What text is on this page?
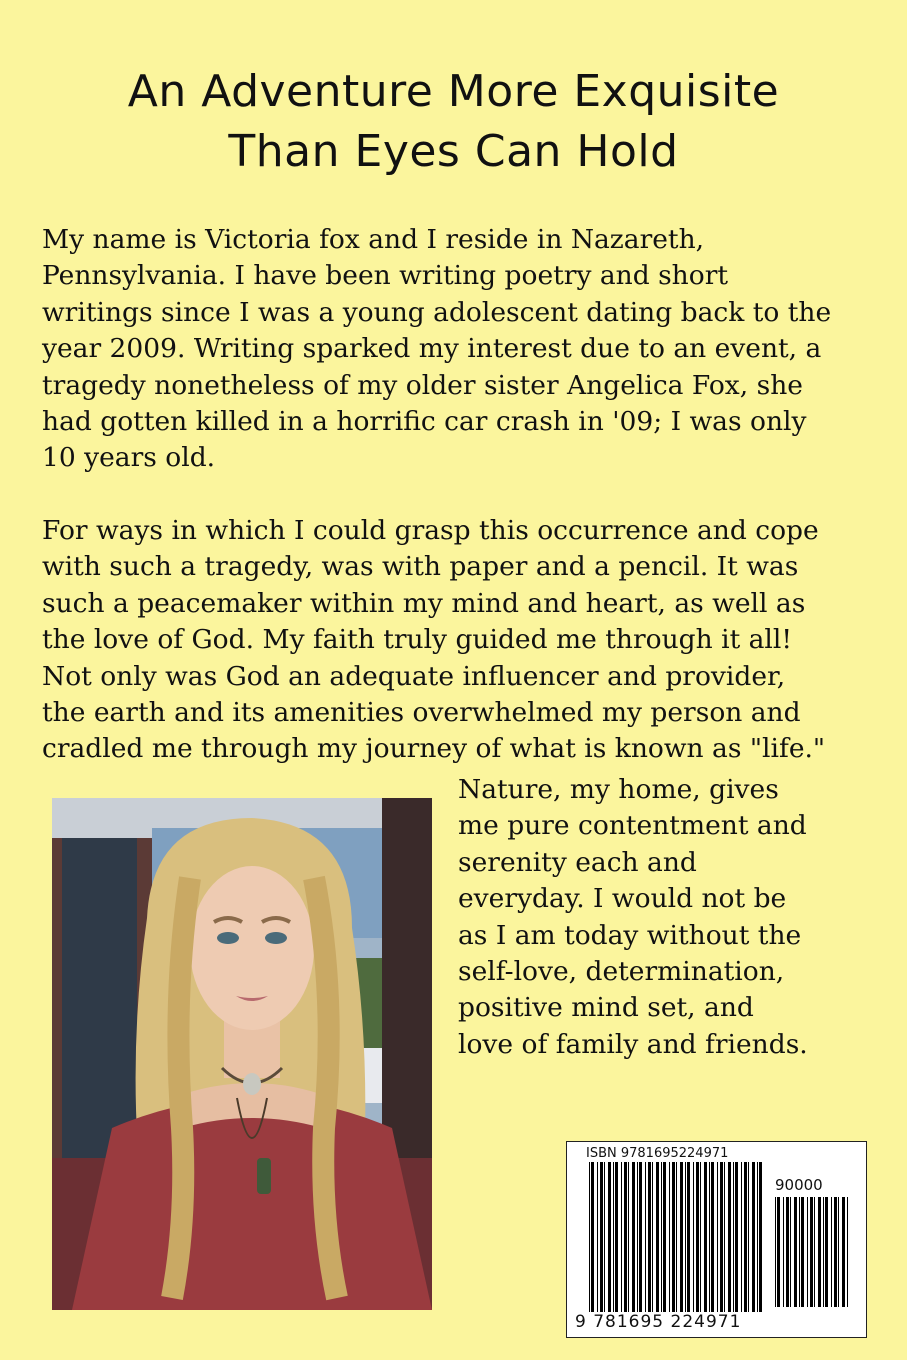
An Adventure More Exquisite
Than Eyes Can Hold

My name is Victoria fox and I reside in Nazareth,
Pennsylvania. I have been writing poetry and short
writings since I was a young adolescent dating back to the
year 2009. Writing sparked my interest due to an event, a
tragedy nonetheless of my older sister Angelica Fox, she
had gotten killed in a horrific car crash in '09; I was only
10 years old.

For ways in which I could grasp this occurrence and cope
with such a tragedy, was with paper and a pencil. It was
such a peacemaker within my mind and heart, as well as
the love of God. My faith truly guided me through it all!
Not only was God an adequate influencer and provider,
the earth and its amenities overwhelmed my person and
cradled me through my journey of what is known as "life."

Nature, my home, gives
me pure contentment and
serenity each and
everyday. I would not be
as I am today without the
self-love, determination,
positive mind set, and
love of family and friends.

ISBN 9781695224971
90000
9 781695 224971
